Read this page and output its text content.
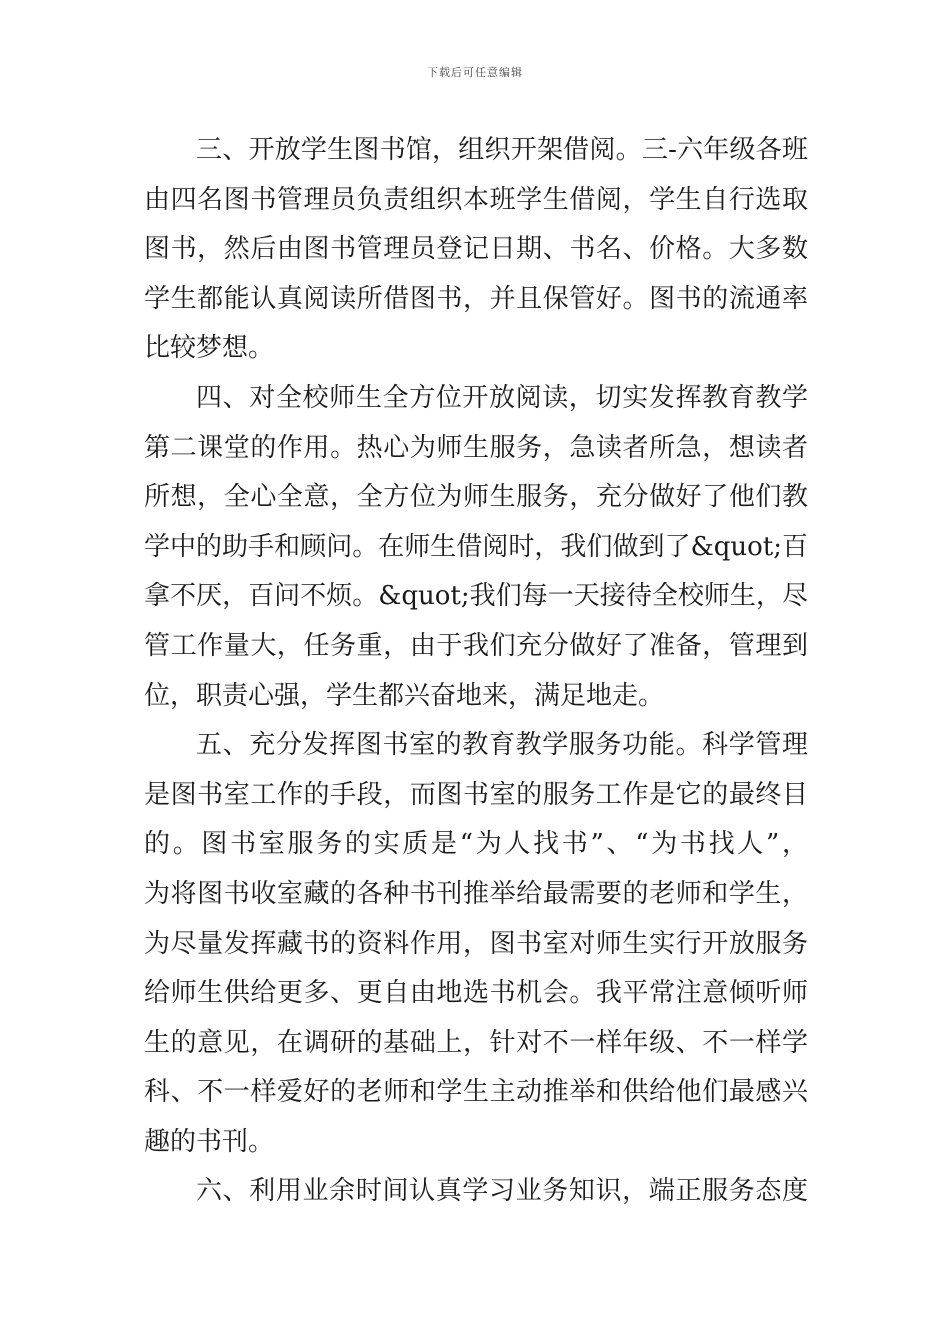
下载后可任意编辑
三、开放学生图书馆，组织开架借阅。三-六年级各班
由四名图书管理员负责组织本班学生借阅，学生自行选取
图书，然后由图书管理员登记日期、书名、价格。大多数
学生都能认真阅读所借图书，并且保管好。图书的流通率
比较梦想。
四、对全校师生全方位开放阅读，切实发挥教育教学
第二课堂的作用。热心为师生服务，急读者所急，想读者
所想，全心全意，全方位为师生服务，充分做好了他们教
学中的助手和顾问。在师生借阅时，我们做到了&quot;百
拿不厌，百问不烦。&quot;我们每一天接待全校师生，尽
管工作量大，任务重，由于我们充分做好了准备，管理到
位，职责心强，学生都兴奋地来，满足地走。
五、充分发挥图书室的教育教学服务功能。科学管理
是图书室工作的手段，而图书室的服务工作是它的最终目
的。图书室服务的实质是“为人找书”、“为书找人”，
为将图书收室藏的各种书刊推举给最需要的老师和学生，
为尽量发挥藏书的资料作用，图书室对师生实行开放服务
给师生供给更多、更自由地选书机会。我平常注意倾听师
生的意见，在调研的基础上，针对不一样年级、不一样学
科、不一样爱好的老师和学生主动推举和供给他们最感兴
趣的书刊。
六、利用业余时间认真学习业务知识，端正服务态度
